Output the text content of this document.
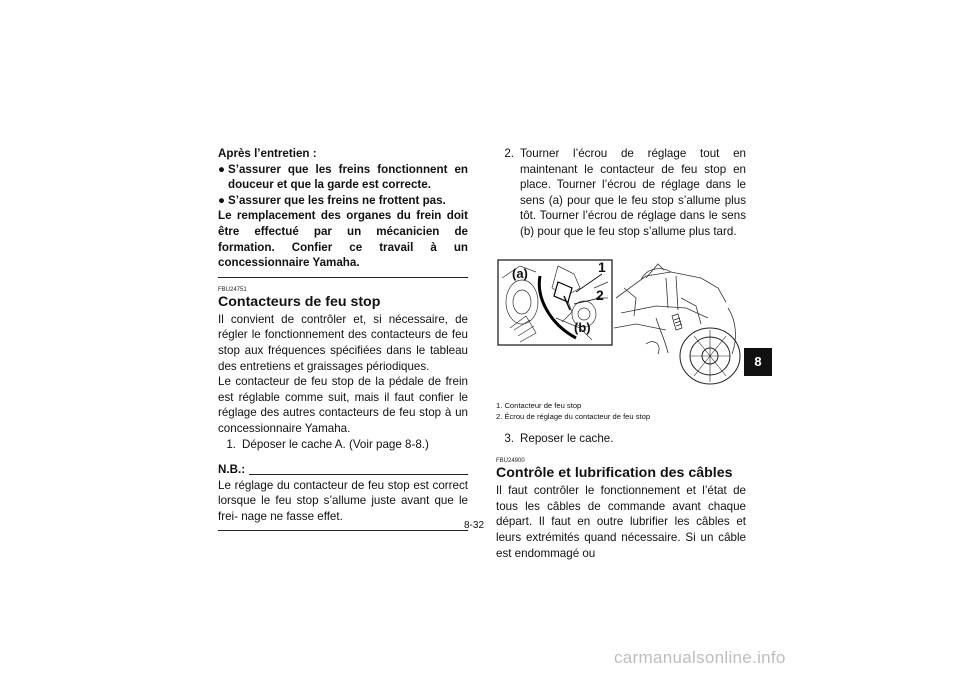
Après l’entretien :

● S’assurer que les freins fonctionnent en douceur et que la garde est correcte.
● S’assurer que les freins ne frottent pas.

Le remplacement des organes du frein doit être effectué par un mécanicien de formation. Confier ce travail à un concessionnaire Yamaha.

FBU24751

Contacteurs de feu stop

Il convient de contrôler et, si nécessaire, de régler le fonctionnement des contacteurs de feu stop aux fréquences spécifiées dans le tableau des entretiens et graissages périodiques.

Le contacteur de feu stop de la pédale de frein est réglable comme suit, mais il faut confier le réglage des autres contacteurs de feu stop à un concessionnaire Yamaha.

1. Déposer le cache A. (Voir page 8-8.)
N.B.:

Le réglage du contacteur de feu stop est correct lorsque le feu stop s’allume juste avant que le frei- nage ne fasse effet.

2. Tourner l’écrou de réglage tout en maintenant le contacteur de feu stop en place. Tourner l’écrou de réglage dans le sens (a) pour que le feu stop s’allume plus tôt. Tourner l’écrou de réglage dans le sens (b) pour que le feu stop s’allume plus tard.
(a)	1
2
(b)

1. Contacteur de feu stop

2. Écrou de réglage du contacteur de feu stop

3. Reposer le cache.

FBU24900

Contrôle et lubrification des câbles

Il faut contrôler le fonctionnement et l’état de tous les câbles de commande avant chaque départ. Il faut en outre lubrifier les câbles et leurs extrémités quand nécessaire. Si un câble est endommagé ou

8-32
8
carmanualsonline.info
